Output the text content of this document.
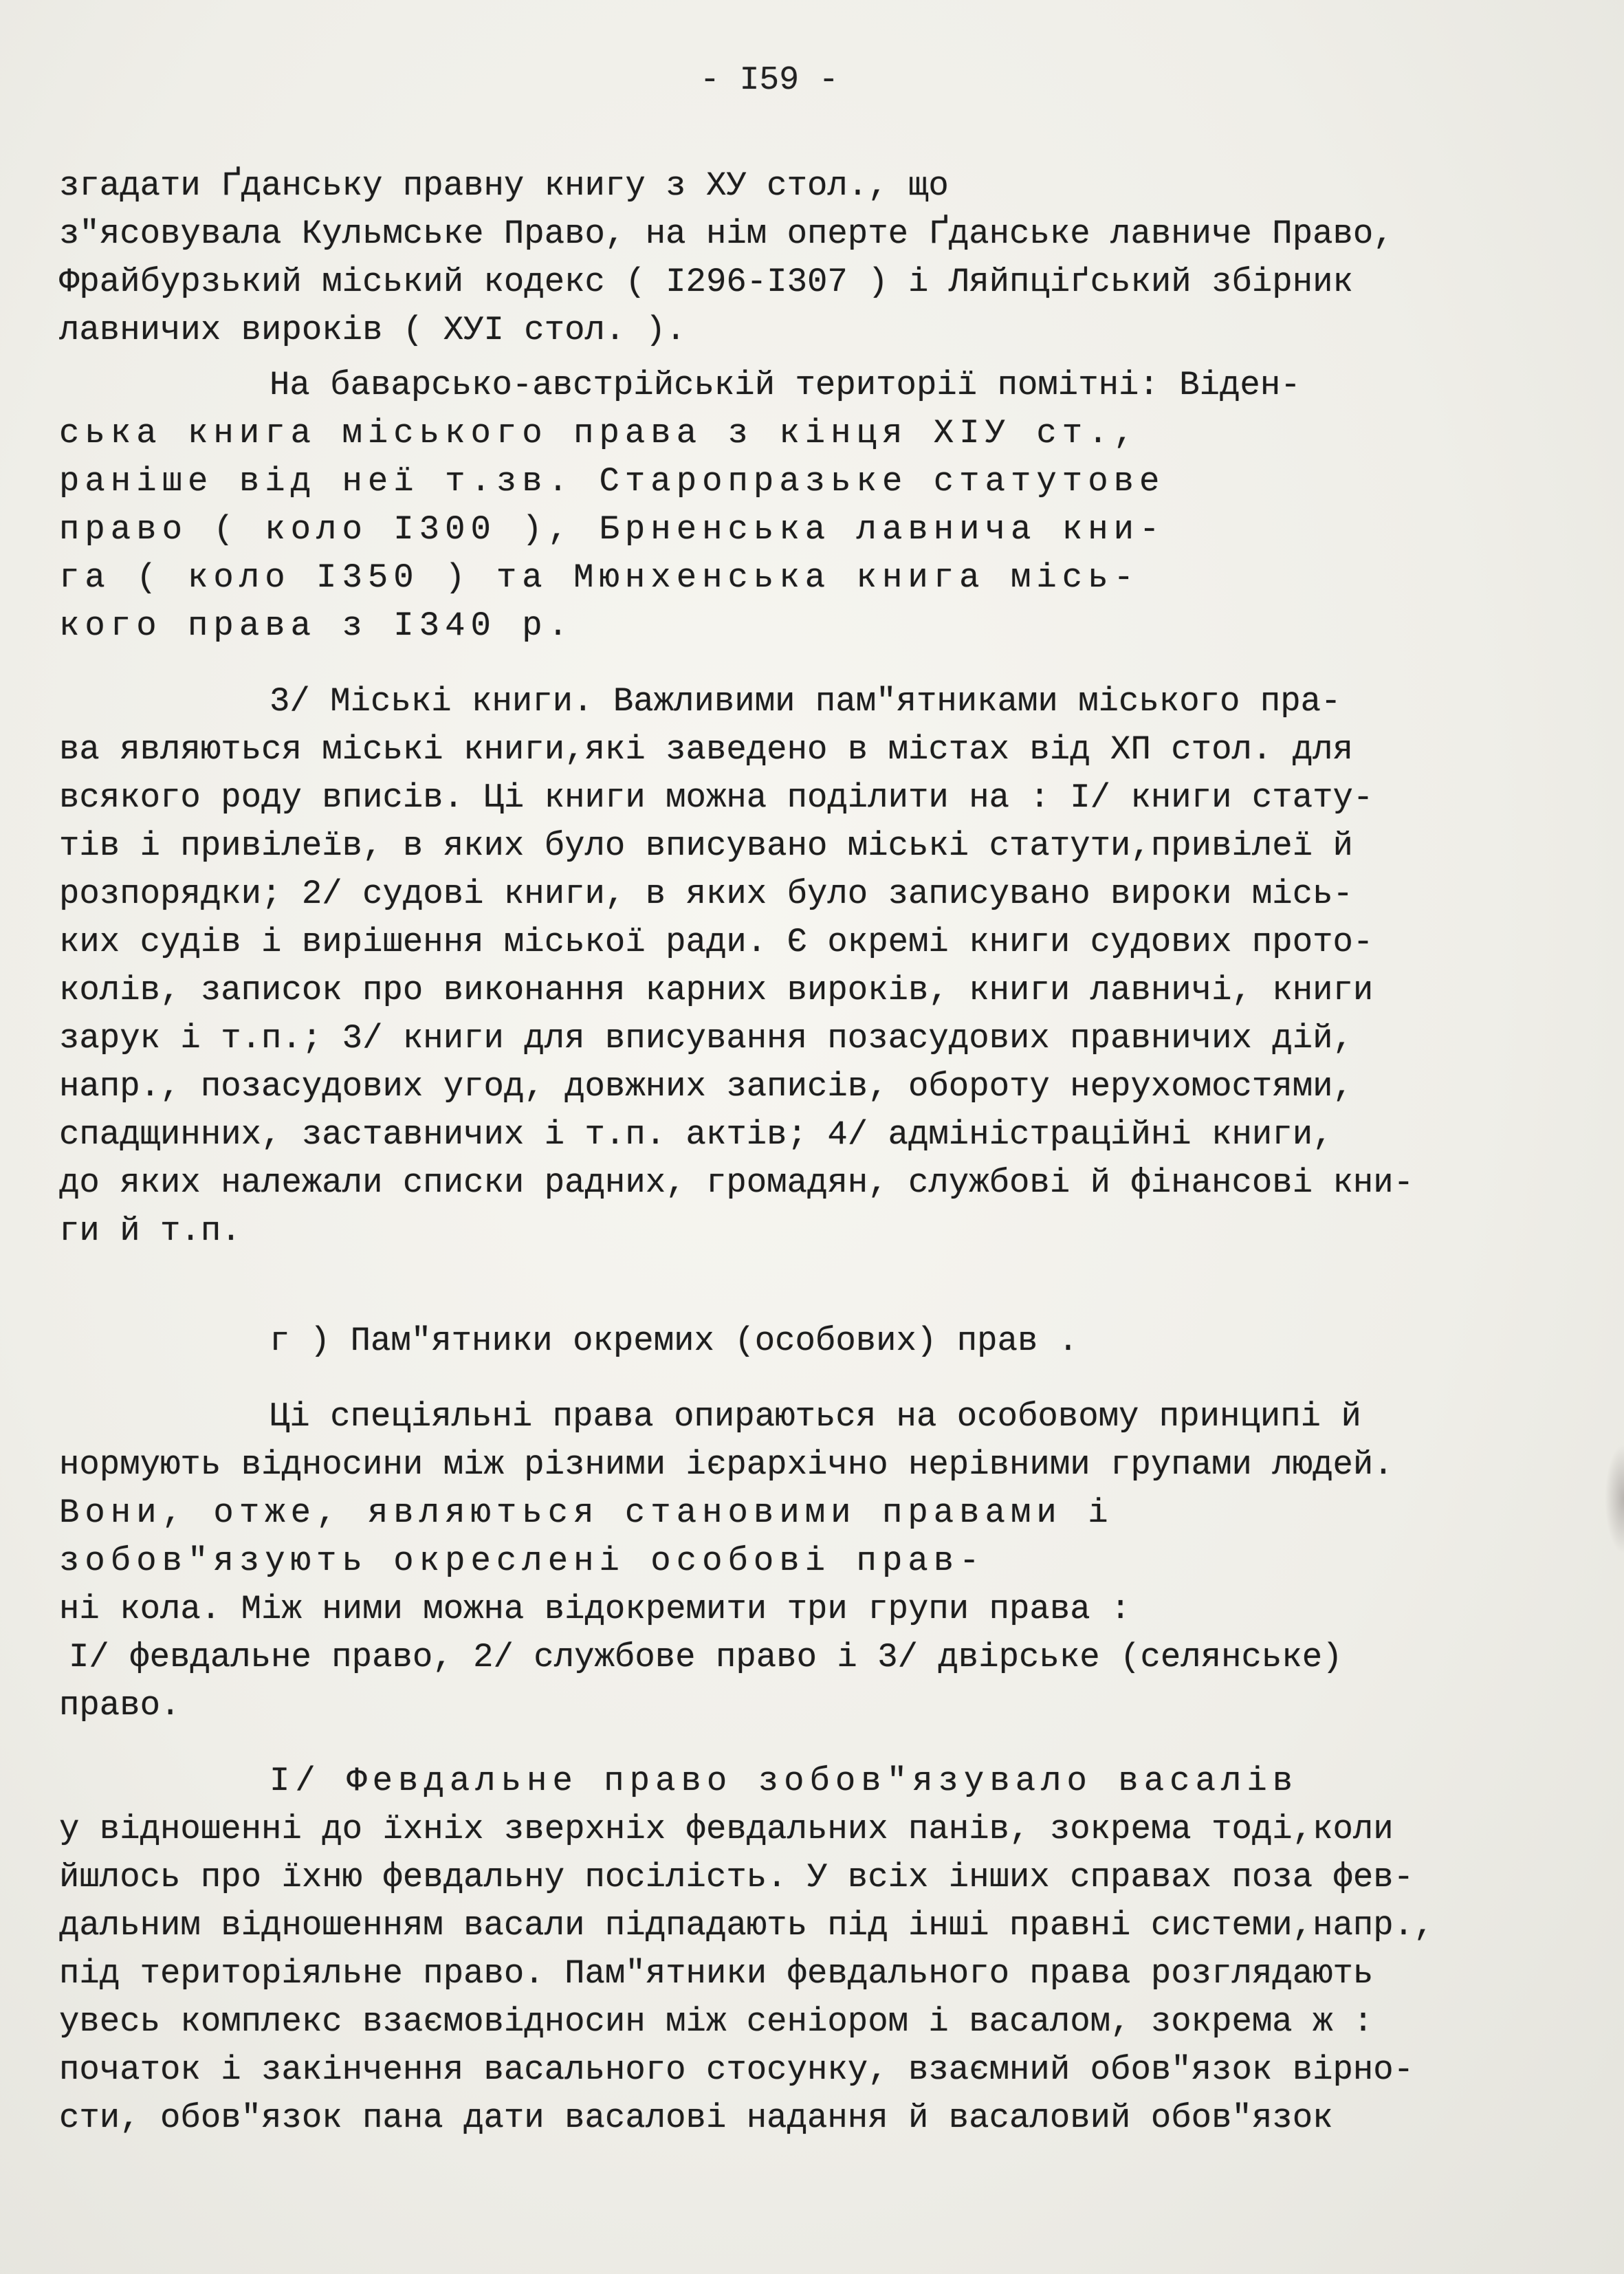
- I59 -
згадати Ґданську правну книгу з ХУ стол., що
з"ясовувала Кульмське Право, на нім оперте Ґданське лавниче Право,
Фрайбурзький міський кодекс ( I296-I307 ) і Ляйпціґський збірник
лавничих вироків ( ХУІ стол. ).
На баварсько-австрійській території помітні: Віден-
ська книга міського права з кінця XIУ ст.,
раніше від неї т.зв. Старопразьке статутове
право ( коло I300 ), Брненська лавнича кни-
га ( коло I350 ) та Мюнхенська книга місь-
кого права з I340 р.
3/ Міські книги. Важливими пам"ятниками міського пра-
ва являються міські книги,які заведено в містах від ХП стол. для
всякого роду вписів. Ці книги можна поділити на : I/ книги стату-
тів і привілеїв, в яких було вписувано міські статути,привілеї й
розпорядки; 2/ судові книги, в яких було записувано вироки місь-
ких судів і вирішення міської ради. Є окремі книги судових прото-
колів, записок про виконання карних вироків, книги лавничі, книги
зарук і т.п.; 3/ книги для вписування позасудових правничих дій,
напр., позасудових угод, довжних записів, обороту нерухомостями,
спадщинних, заставничих і т.п. актів; 4/ адміністраційні книги,
до яких належали списки радних, громадян, службові й фінансові кни-
ги й т.п.
г ) Пам"ятники окремих (особових) прав .
Ці спеціяльні права опираються на особовому принципі й
нормують відносини між різними ієрархічно нерівними групами людей.
Вони, отже, являються становими правами і
зобов"язують окреслені особові прав-
ні кола. Між ними можна відокремити три групи права :
I/ февдальне право, 2/ службове право і 3/ двірське (селянське)
право.
I/ Февдальне право зобов"язувало васалів
у відношенні до їхніх зверхніх февдальних панів, зокрема тоді,коли
йшлось про їхню февдальну посілість. У всіх інших справах поза фев-
дальним відношенням васали підпадають під інші правні системи,напр.,
під територіяльне право. Пам"ятники февдального права розглядають
увесь комплекс взаємовідносин між сеніором і васалом, зокрема ж :
початок і закінчення васального стосунку, взаємний обов"язок вірно-
сти, обов"язок пана дати васалові надання й васаловий обов"язок
